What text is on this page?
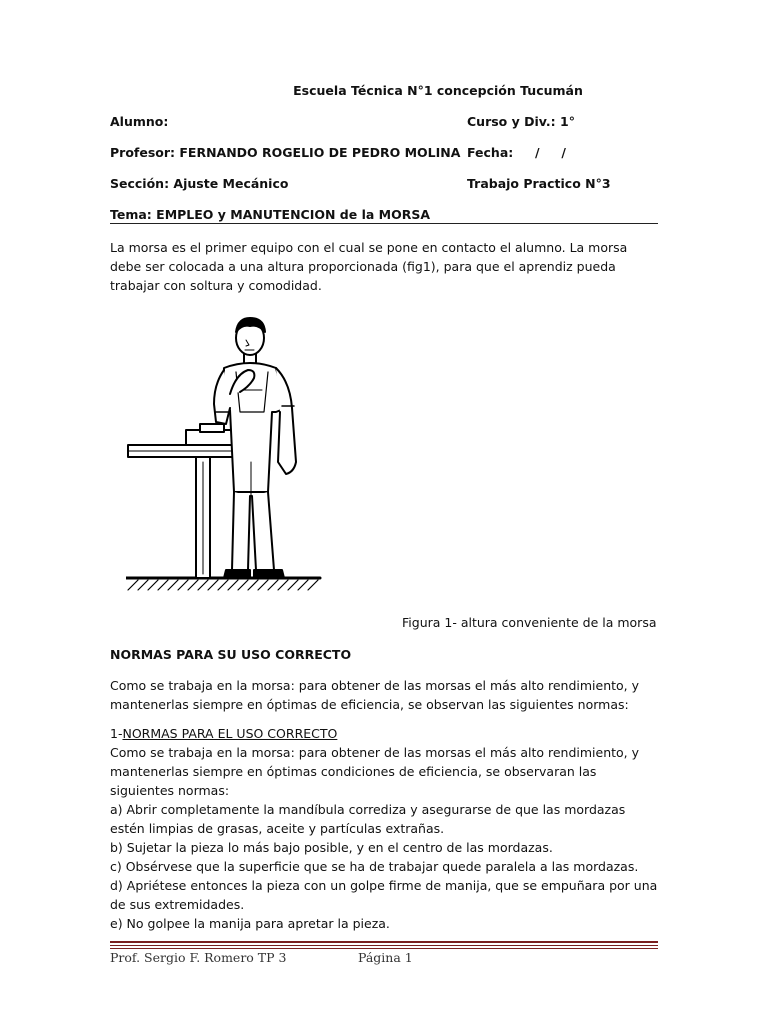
Escuela Técnica N°1 concepción Tucumán
Alumno:	Curso y Div.: 1°
Profesor: FERNANDO ROGELIO DE PEDRO MOLINA Fecha:     /     /
Sección: Ajuste Mecánico	Trabajo Practico N°3
Tema: EMPLEO y MANUTENCION de la MORSA
La morsa es el primer equipo con el cual se pone en contacto el alumno. La morsa debe ser colocada a una altura proporcionada (fig1), para que el aprendiz pueda trabajar con soltura y comodidad.
Figura 1- altura conveniente de la morsa
NORMAS PARA SU USO CORRECTO
Como se trabaja en la morsa: para obtener de las morsas el más alto rendimiento, y mantenerlas siempre en óptimas de eficiencia, se observan las siguientes normas:

1-NORMAS PARA EL USO CORRECTO

Como se trabaja en la morsa: para obtener de las morsas el más alto rendimiento, y mantenerlas siempre en óptimas condiciones de eficiencia, se observaran las siguientes normas:

a) Abrir completamente la mandíbula corrediza y asegurarse de que las mordazas estén limpias de grasas, aceite y partículas extrañas.

b) Sujetar la pieza lo más bajo posible, y en el centro de las mordazas.

c) Obsérvese que la superficie que se ha de trabajar quede paralela a las mordazas.

d) Apriétese entonces la pieza con un golpe firme de manija, que se empuñara por una de sus extremidades.

e) No golpee la manija para apretar la pieza.

Prof. Sergio F. Romero TP 3	Página 1
